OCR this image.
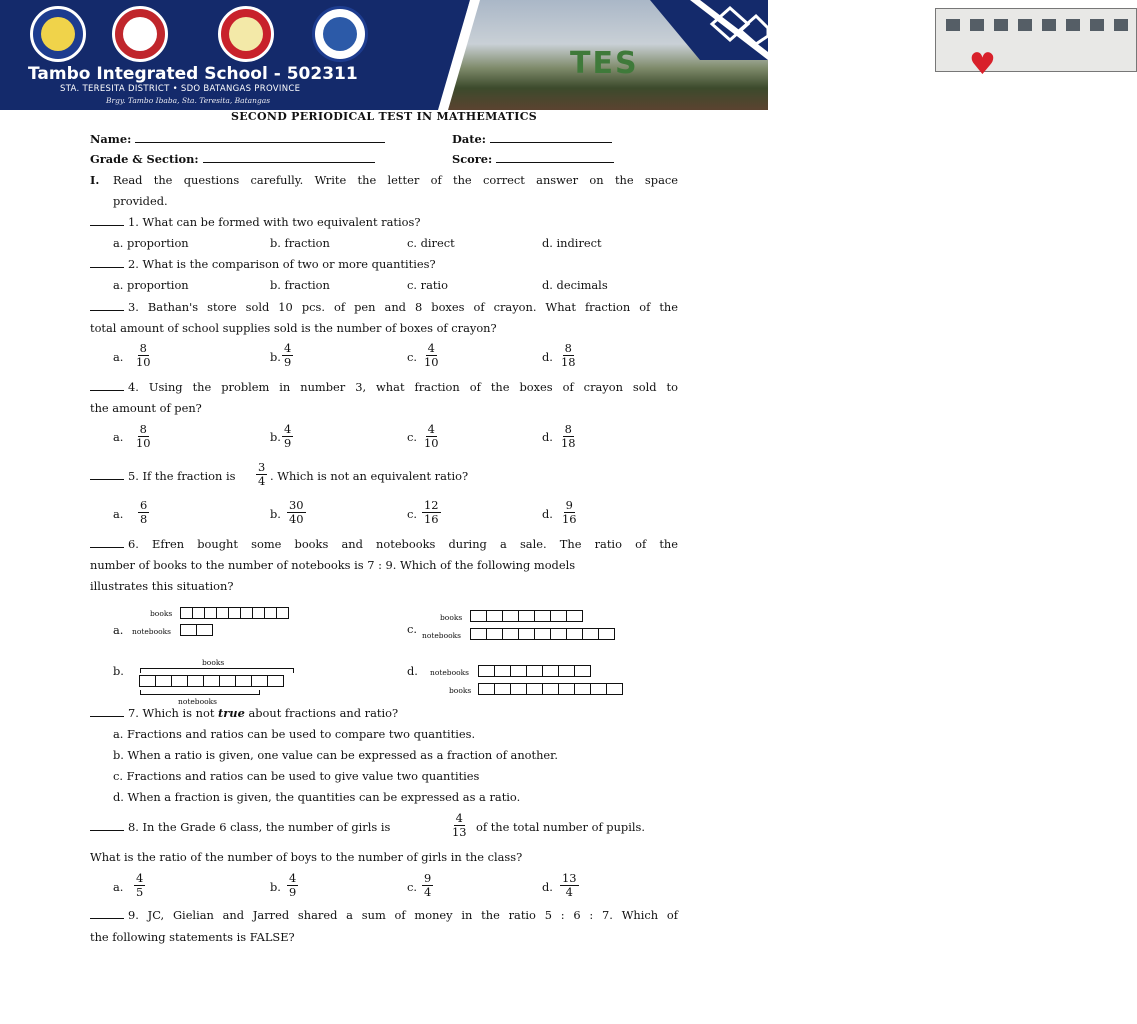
♥
TES
Tambo Integrated School - 502311
STA. TERESITA DISTRICT • SDO BATANGAS PROVINCE
Brgy. Tambo Ibaba, Sta. Teresita, Batangas
SECOND PERIODICAL TEST IN MATHEMATICS
Name:	Date:
Grade & Section:	Score:
I. Read the questions carefully. Write the letter of the correct answer on the space
provided.
1. What can be formed with two equivalent ratios?
a. proportion	b. fraction	c. direct	d. indirect
2. What is the comparison of two or more quantities?
a. proportion	b. fraction	c. ratio	d. decimals
3. Bathan's store sold 10 pcs. of pen and 8 boxes of crayon. What fraction of the
total amount of school supplies sold is the number of boxes of crayon?
a. $\frac{8}{10}$	b. $\frac{4}{9}$	c. $\frac{4}{10}$	d. $\frac{8}{18}$
4. Using the problem in number 3, what fraction of the boxes of crayon sold to
the amount of pen?
a. $\frac{8}{10}$	b. $\frac{4}{9}$	c. $\frac{4}{10}$	d. $\frac{8}{18}$
5. If the fraction is $\frac{3}{4}$ . Which is not an equivalent ratio?
a. $\frac{6}{8}$	b. $\frac{30}{40}$	c. $\frac{12}{16}$	d. $\frac{9}{16}$
6. Efren bought some books and notebooks during a sale. The ratio of the
number of books to the number of notebooks is 7 : 9. Which of the following models
illustrates this situation?
a.
books
notebooks	c.
books
notebooks
b.
books
notebooks
d. notebooks
books
7. Which is not true about fractions and ratio?
a. Fractions and ratios can be used to compare two quantities.
b. When a ratio is given, one value can be expressed as a fraction of another.
c. Fractions and ratios can be used to give value two quantities
d. When a fraction is given, the quantities can be expressed as a ratio.
8. In the Grade 6 class, the number of girls is	$\frac{4}{13}$ of the total number of pupils.
What is the ratio of the number of boys to the number of girls in the class?
a. $\frac{4}{5}$	b. $\frac{4}{9}$	c. $\frac{9}{4}$	d. $\frac{13}{4}$
9. JC, Gielian and Jarred shared a sum of money in the ratio 5 : 6 : 7. Which of
the following statements is FALSE?
